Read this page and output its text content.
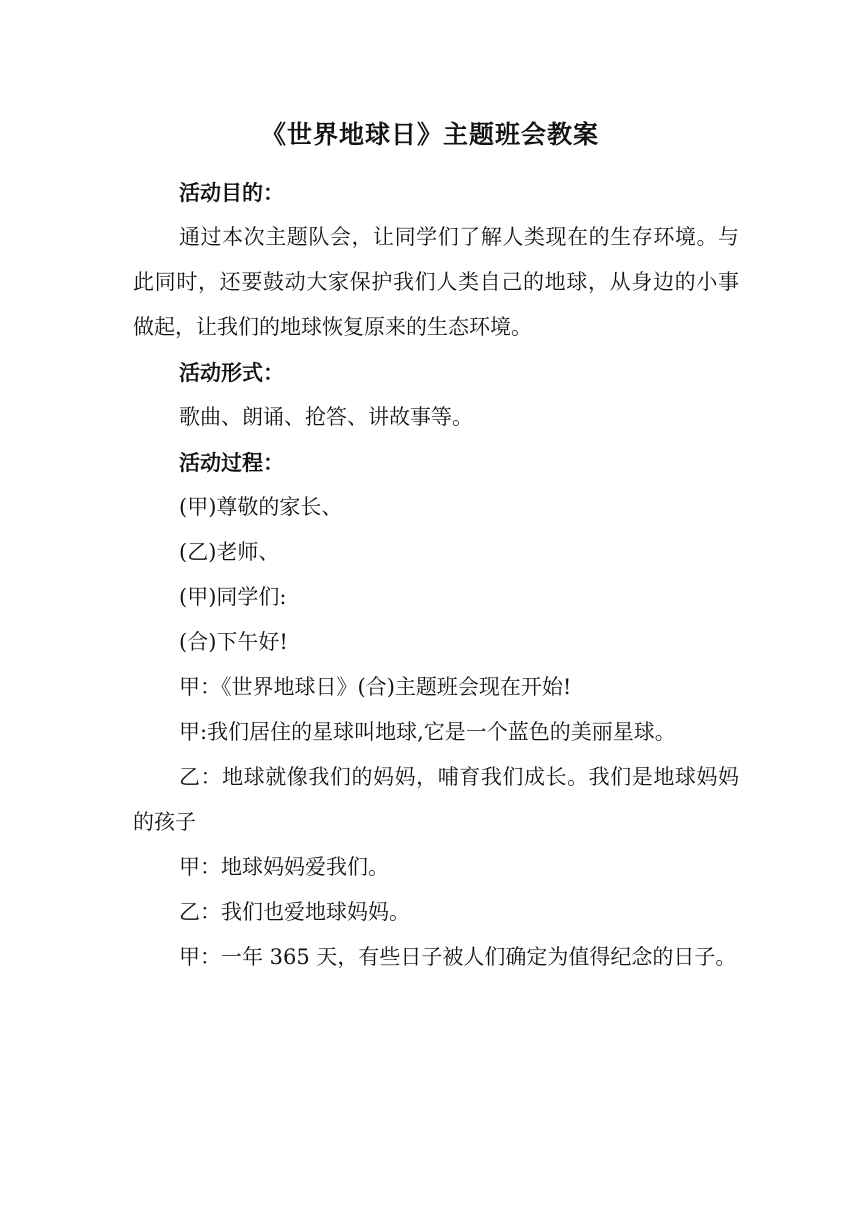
《世界地球日》主题班会教案

活动目的：

通过本次主题队会，让同学们了解人类现在的生存环境。与此同时，还要鼓动大家保护我们人类自己的地球，从身边的小事做起，让我们的地球恢复原来的生态环境。

活动形式：

歌曲、朗诵、抢答、讲故事等。

活动过程：

(甲)尊敬的家长、

(乙)老师、

(甲)同学们:

(合)下午好!

甲：《世界地球日》(合)主题班会现在开始!

甲:我们居住的星球叫地球,它是一个蓝色的美丽星球。

乙：地球就像我们的妈妈，哺育我们成长。我们是地球妈妈的孩子

甲：地球妈妈爱我们。

乙：我们也爱地球妈妈。

甲：一年 365 天，有些日子被人们确定为值得纪念的日子。
